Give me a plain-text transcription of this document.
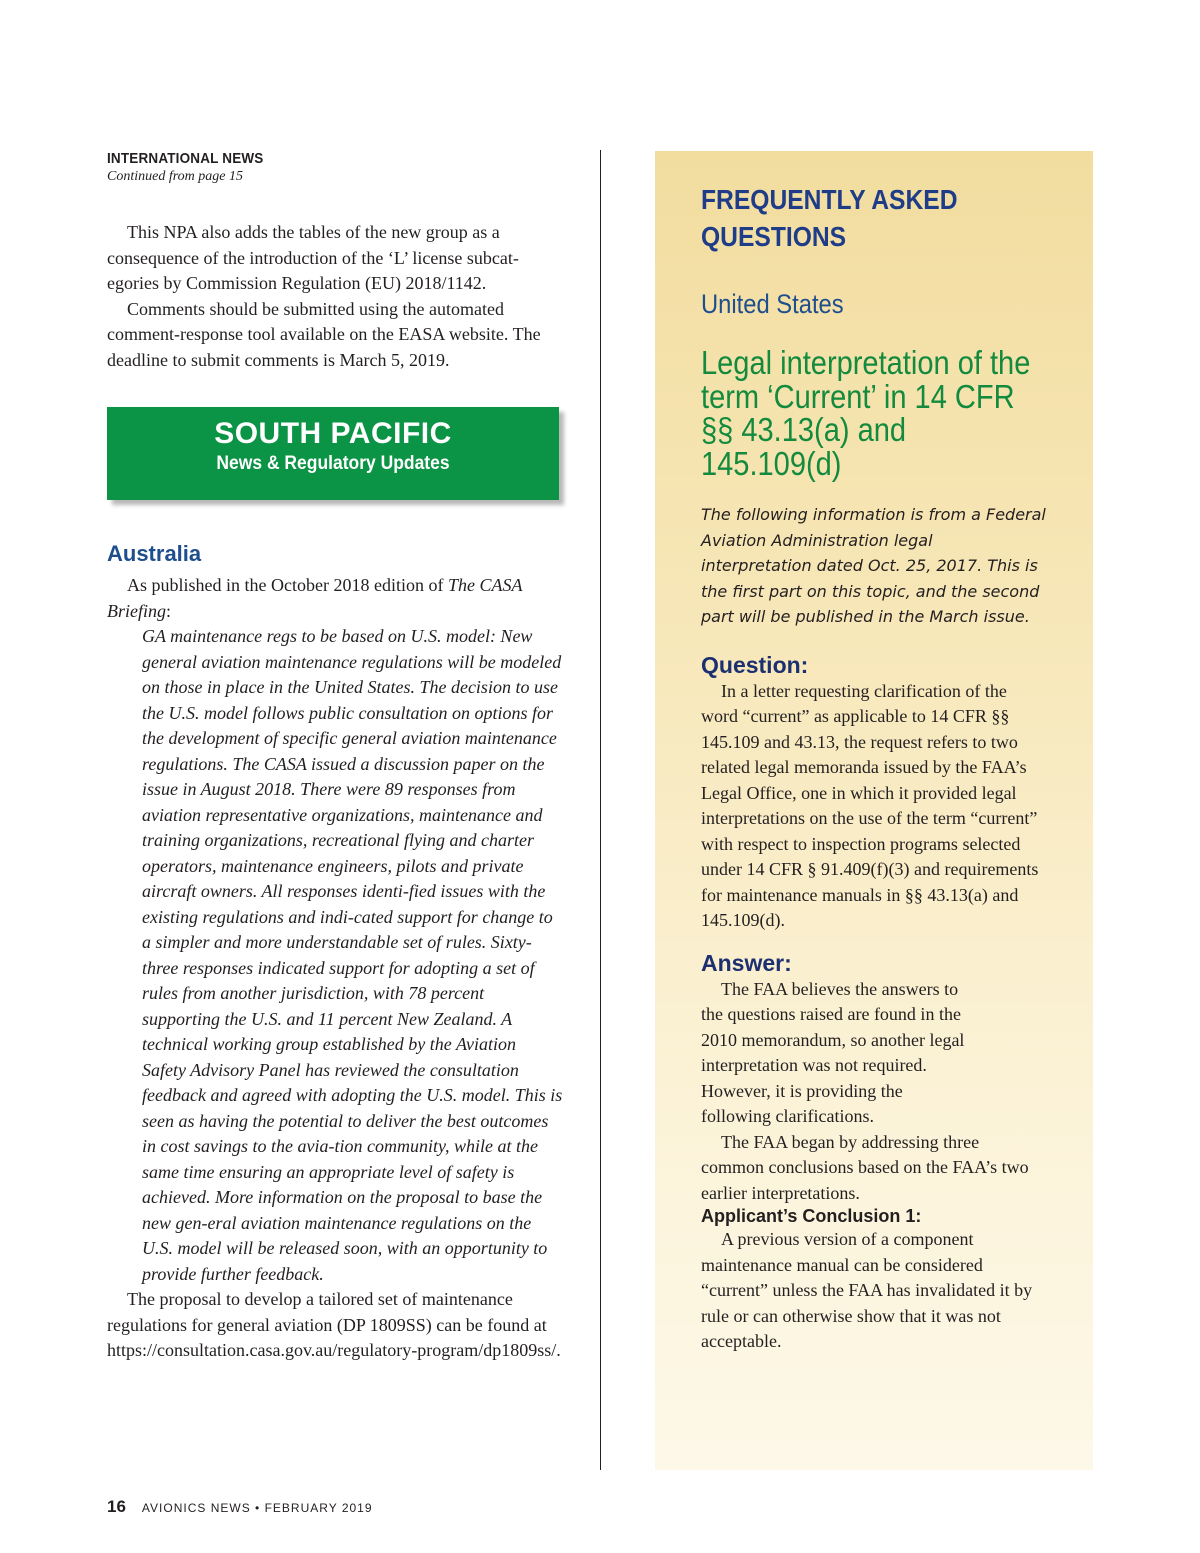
INTERNATIONAL NEWS
Continued from page 15

This NPA also adds the tables of the new group as a consequence of the introduction of the ‘L’ license subcat-egories by Commission Regulation (EU) 2018/1142.

Comments should be submitted using the automated comment-response tool available on the EASA website. The deadline to submit comments is March 5, 2019.

SOUTH PACIFIC
News & Regulatory Updates
Australia

As published in the October 2018 edition of The CASA Briefing:

GA maintenance regs to be based on U.S. model: New general aviation maintenance regulations will be modeled on those in place in the United States. The decision to use the U.S. model follows public consultation on options for the development of specific general aviation maintenance regulations. The CASA issued a discussion paper on the issue in August 2018. There were 89 responses from aviation representative organizations, maintenance and training organizations, recreational flying and charter operators, maintenance engineers, pilots and private aircraft owners. All responses identi-fied issues with the existing regulations and indi-cated support for change to a simpler and more understandable set of rules. Sixty-three responses indicated support for adopting a set of rules from another jurisdiction, with 78 percent supporting the U.S. and 11 percent New Zealand. A technical working group established by the Aviation Safety Advisory Panel has reviewed the consultation feedback and agreed with adopting the U.S. model. This is seen as having the potential to deliver the best outcomes in cost savings to the avia-tion community, while at the same time ensuring an appropriate level of safety is achieved. More information on the proposal to base the new gen-eral aviation maintenance regulations on the U.S. model will be released soon, with an opportunity to provide further feedback.

The proposal to develop a tailored set of maintenance regulations for general aviation (DP 1809SS) can be found at https://consultation.casa.gov.au/regulatory-program/dp1809ss/.

FREQUENTLY ASKED
QUESTIONS
United States
Legal interpretation of the term ‘Current’ in 14 CFR §§ 43.13(a) and 145.109(d)
The following information is from a Federal Aviation Administration legal interpretation dated Oct. 25, 2017. This is the first part on this topic, and the second part will be published in the March issue.
Question:

In a letter requesting clarification of the word “current” as applicable to 14 CFR §§ 145.109 and 43.13, the request refers to two related legal memoranda issued by the FAA’s Legal Office, one in which it provided legal interpretations on the use of the term “current” with respect to inspection programs selected under 14 CFR § 91.409(f)(3) and requirements for maintenance manuals in §§ 43.13(a) and 145.109(d).

Answer:

The FAA believes the answers to the questions raised are found in the 2010 memorandum, so another legal interpretation was not required. However, it is providing the following clarifications.

The FAA began by addressing three common conclusions based on the FAA’s two earlier interpretations.

Applicant’s Conclusion 1:

A previous version of a component maintenance manual can be considered “current” unless the FAA has invalidated it by rule or can otherwise show that it was not acceptable.

16 AVIONICS NEWS • FEBRUARY 2019
